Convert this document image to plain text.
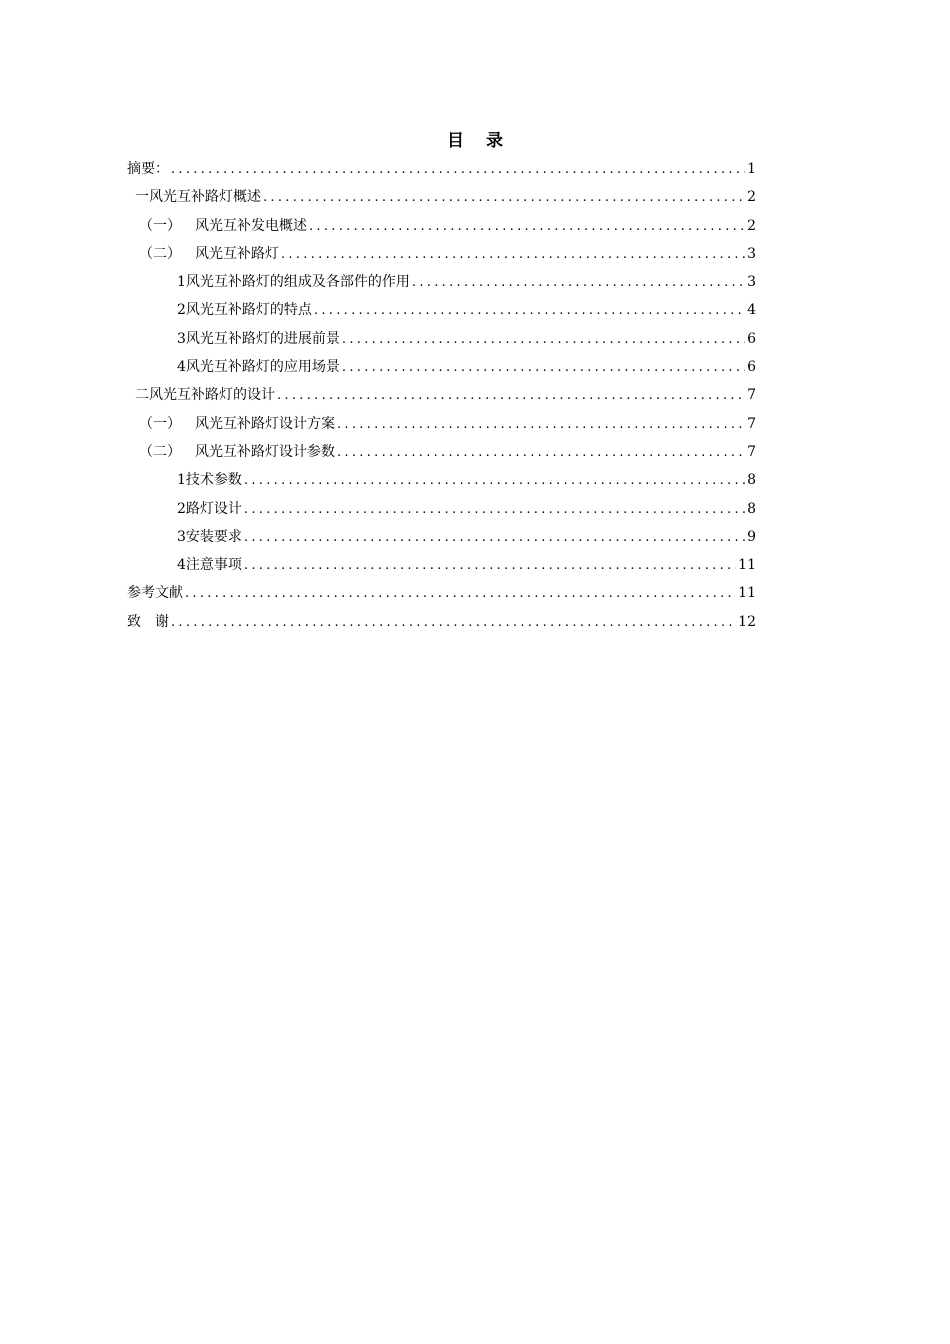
目 录
摘要： .....	1
一风光互补路灯概述 .....	2
（一） 风光互补发电概述 .....	2
（二） 风光互补路灯 .....	3
1风光互补路灯的组成及各部件的作用 .....	3
2风光互补路灯的特点 .....	4
3风光互补路灯的进展前景 .....	6
4风光互补路灯的应用场景 .....	6
二风光互补路灯的设计 .....	7
（一） 风光互补路灯设计方案 .....	7
（二） 风光互补路灯设计参数 .....	7
1技术参数 .....	8
2路灯设计 .....	8
3安装要求 .....	9
4注意事项 .....	11
参考文献 .....	11
致　谢 .....	12
